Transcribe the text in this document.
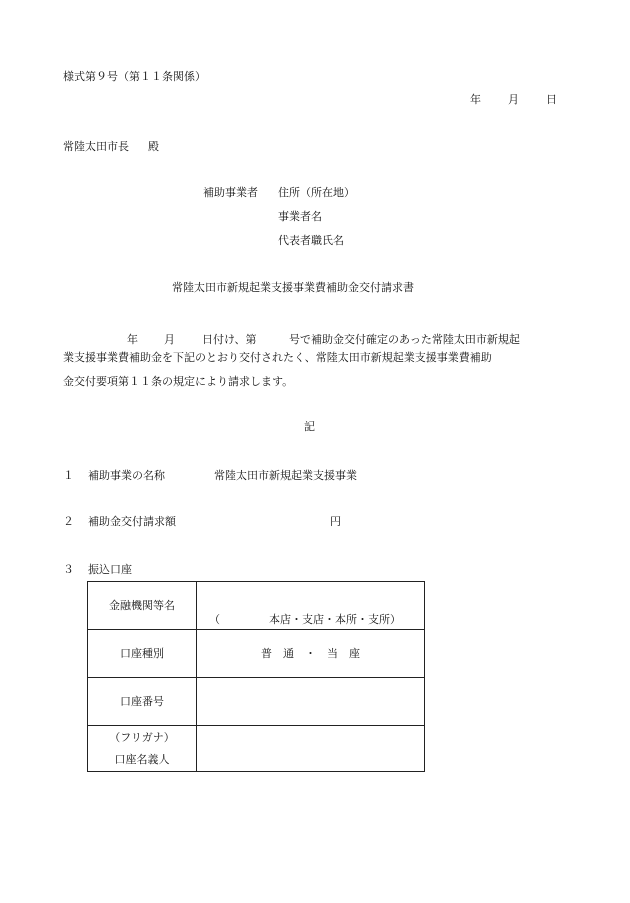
様式第９号（第１１条関係）
年 月 日
常陸太田市長 殿
補助事業者 住所（所在地）
事業者名
代表者職氏名
常陸太田市新規起業支援事業費補助金交付請求書
年 月 日付け、第	号で補助金交付確定のあった常陸太田市新規起
業支援事業費補助金を下記のとおり交付されたく、常陸太田市新規起業支援事業費補助
金交付要項第１１条の規定により請求します。
記
１ 補助事業の名称	常陸太田市新規起業支援事業
２ 補助金交付請求額	円
３ 振込口座
金融機関等名	（ 本店・支店・本所・支所）

口座種別	普　通　・　当　座
口座番号	

（フリガナ）
口座名義人	
